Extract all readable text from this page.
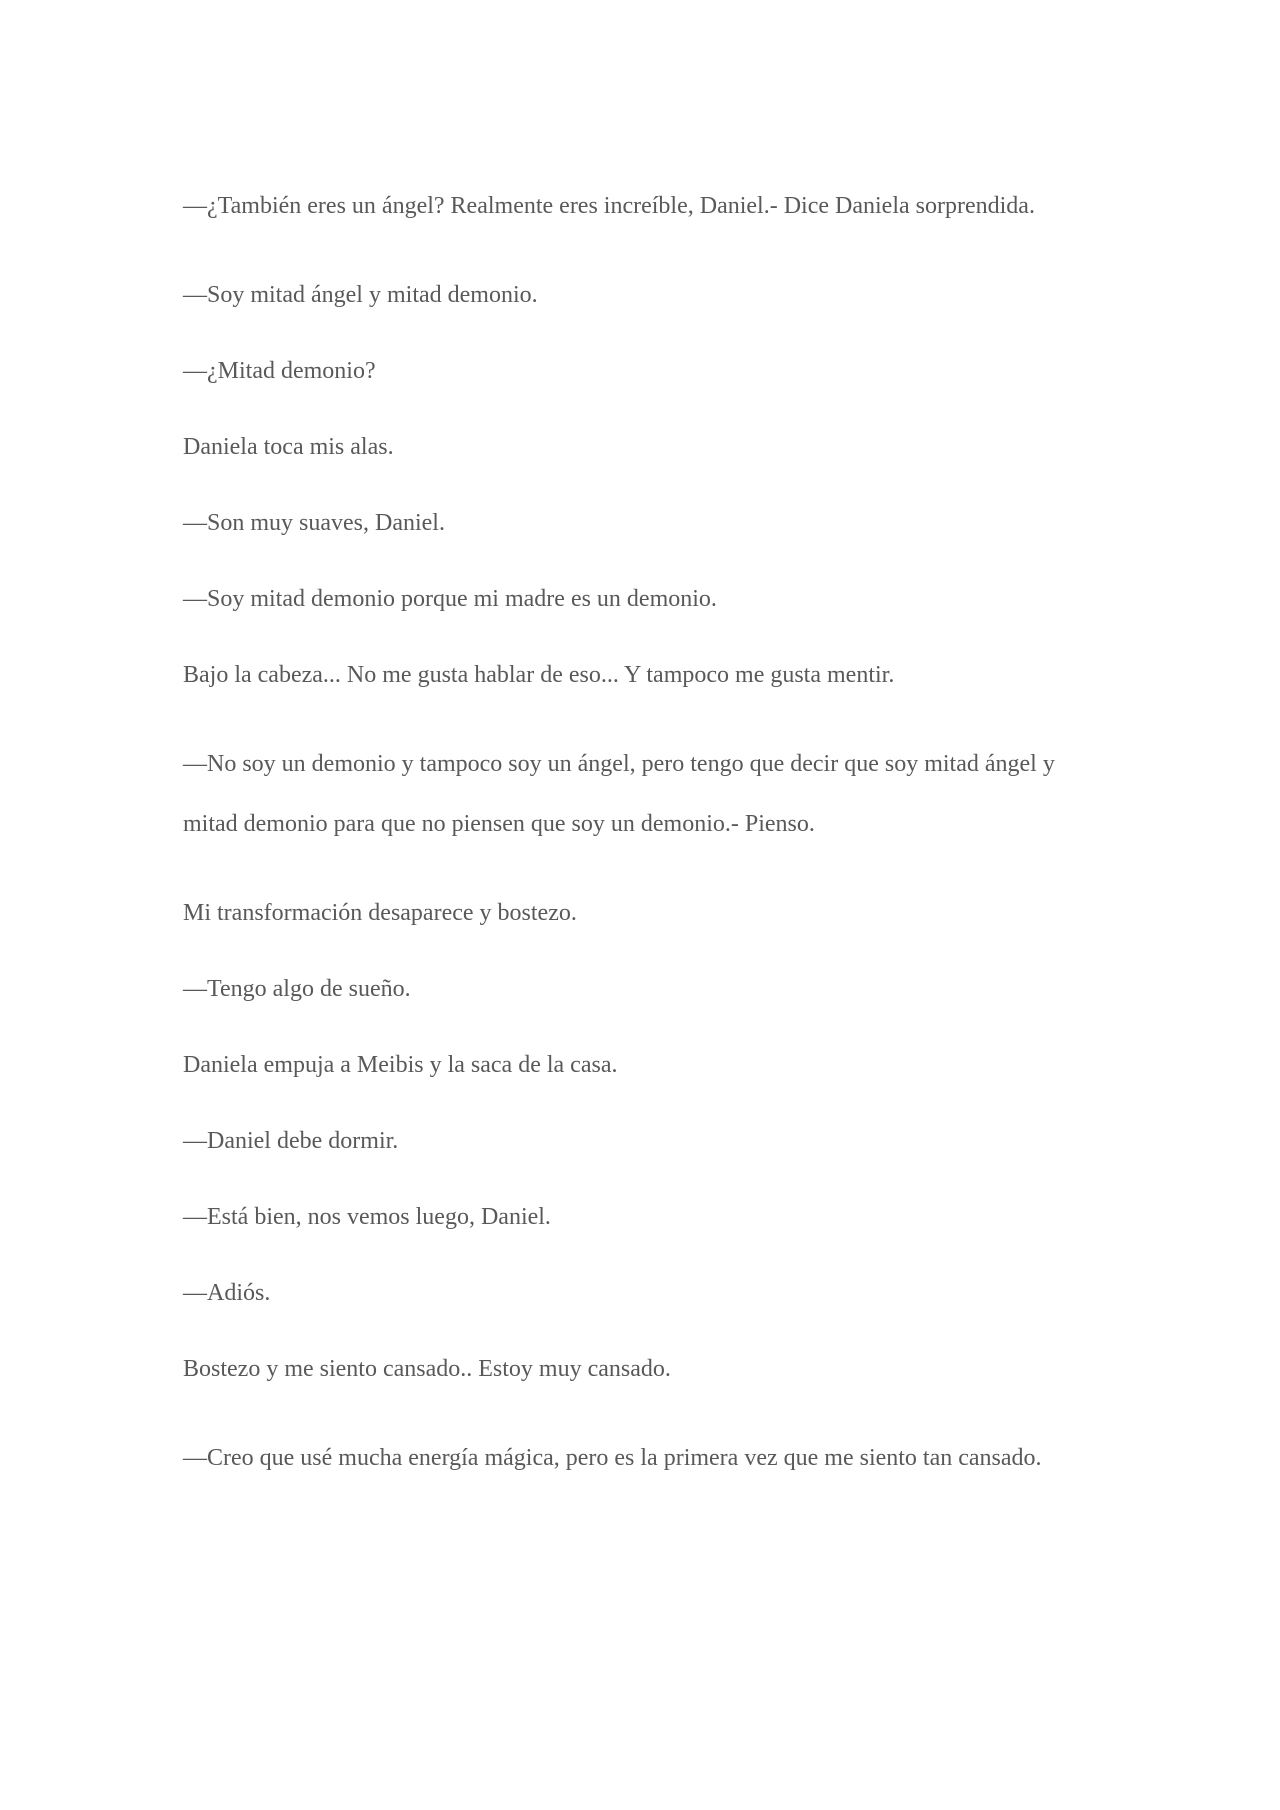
—¿También eres un ángel? Realmente eres increíble, Daniel.- Dice Daniela sorprendida.

—Soy mitad ángel y mitad demonio.

—¿Mitad demonio?

Daniela toca mis alas.

—Son muy suaves, Daniel.

—Soy mitad demonio porque mi madre es un demonio.

Bajo la cabeza... No me gusta hablar de eso... Y tampoco me gusta mentir.

—No soy un demonio y tampoco soy un ángel, pero tengo que decir que soy mitad ángel y mitad demonio para que no piensen que soy un demonio.- Pienso.

Mi transformación desaparece y bostezo.

—Tengo algo de sueño.

Daniela empuja a Meibis y la saca de la casa.

—Daniel debe dormir.

—Está bien, nos vemos luego, Daniel.

—Adiós.

Bostezo y me siento cansado.. Estoy muy cansado.

—Creo que usé mucha energía mágica, pero es la primera vez que me siento tan cansado.
